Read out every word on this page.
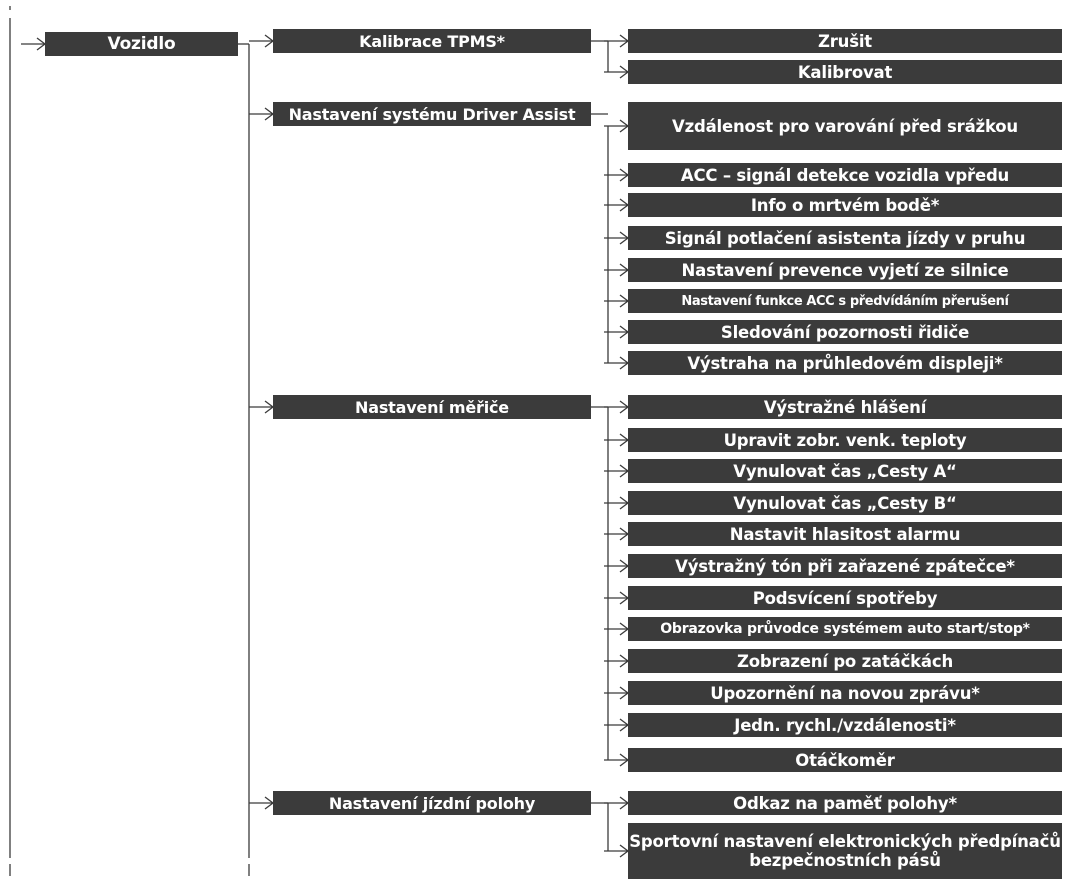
Vozidlo	Kalibrace TPMS*
Nastavení systému Driver Assist
Nastavení měřiče
Nastavení jízdní polohy
Zrušit
Kalibrovat
Vzdálenost pro varování před srážkou
ACC – signál detekce vozidla vpředu
Info o mrtvém bodě*
Signál potlačení asistenta jízdy v pruhu
Nastavení prevence vyjetí ze silnice
Nastavení funkce ACC s předvídáním přerušení
Sledování pozornosti řidiče
Výstraha na průhledovém displeji*
Výstražné hlášení
Upravit zobr. venk. teploty
Vynulovat čas „Cesty A“
Vynulovat čas „Cesty B“
Nastavit hlasitost alarmu
Výstražný tón při zařazené zpátečce*
Podsvícení spotřeby
Obrazovka průvodce systémem auto start/stop*
Zobrazení po zatáčkách
Upozornění na novou zprávu*
Jedn. rychl./vzdálenosti*
Otáčkoměr
Odkaz na paměť polohy*
Sportovní nastavení elektronických předpínačů bezpečnostních pásů
